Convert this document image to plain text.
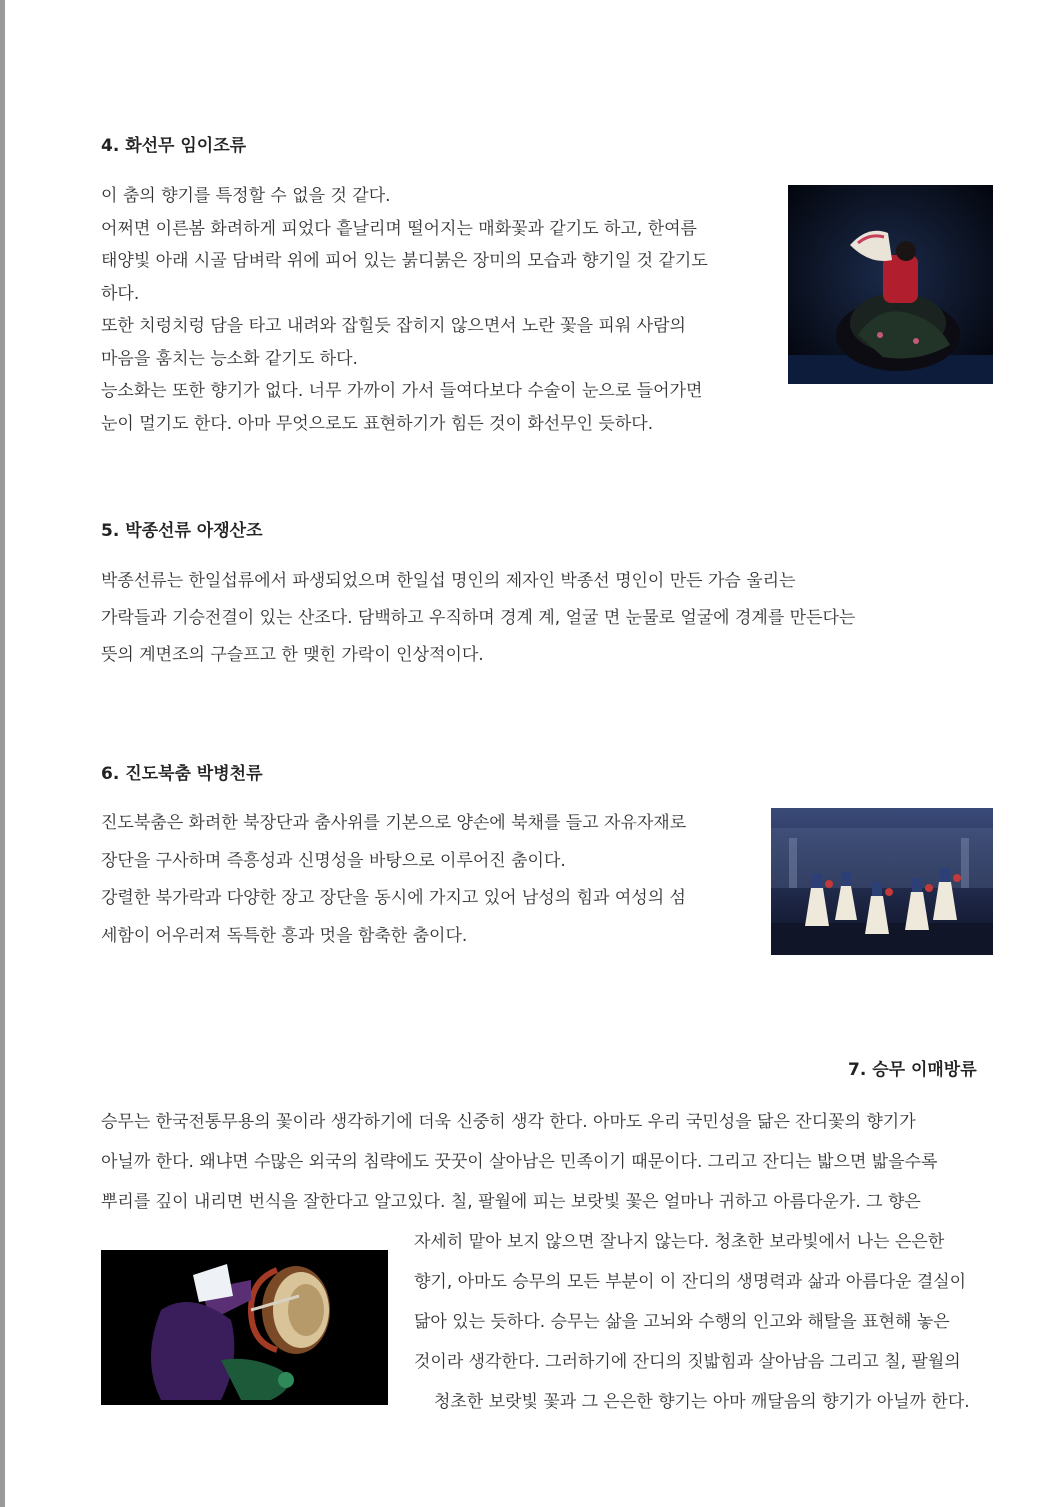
4. 화선무 임이조류
이 춤의 향기를 특정할 수 없을 것 같다.
어쩌면 이른봄 화려하게 피었다 흩날리며 떨어지는 매화꽃과 같기도 하고, 한여름
태양빛 아래 시골 담벼락 위에 피어 있는 붉디붉은 장미의 모습과 향기일 것 같기도
하다.
또한 치렁치렁 담을 타고 내려와 잡힐듯 잡히지 않으면서 노란 꽃을 피워 사람의
마음을 훔치는 능소화 같기도 하다.
능소화는 또한 향기가 없다. 너무 가까이 가서 들여다보다 수술이 눈으로 들어가면
눈이 멀기도 한다. 아마 무엇으로도 표현하기가 힘든 것이 화선무인 듯하다.
5. 박종선류 아쟁산조
박종선류는 한일섭류에서 파생되었으며 한일섭 명인의 제자인 박종선 명인이 만든 가슴 울리는
가락들과 기승전결이 있는 산조다. 담백하고 우직하며 경계 계, 얼굴 면 눈물로 얼굴에 경계를 만든다는
뜻의 계면조의 구슬프고 한 맺힌 가락이 인상적이다.
6. 진도북춤 박병천류
진도북춤은 화려한 북장단과 춤사위를 기본으로 양손에 북채를 들고 자유자재로
장단을 구사하며 즉흥성과 신명성을 바탕으로 이루어진 춤이다.
강렬한 북가락과 다양한 장고 장단을 동시에 가지고 있어 남성의 힘과 여성의 섬
세함이 어우러져 독특한 흥과 멋을 함축한 춤이다.
7. 승무 이매방류
승무는 한국전통무용의 꽃이라 생각하기에 더욱 신중히 생각 한다. 아마도 우리 국민성을 닮은 잔디꽃의 향기가
아닐까 한다. 왜냐면 수많은 외국의 침략에도 꿋꿋이 살아남은 민족이기 때문이다. 그리고 잔디는 밟으면 밟을수록
뿌리를 깊이 내리면 번식을 잘한다고 알고있다. 칠, 팔월에 피는 보랏빛 꽃은 얼마나 귀하고 아름다운가. 그 향은
자세히 맡아 보지 않으면 잘나지 않는다. 청초한 보라빛에서 나는 은은한
향기, 아마도 승무의 모든 부분이 이 잔디의 생명력과 삶과 아름다운 결실이
닮아 있는 듯하다. 승무는 삶을 고뇌와 수행의 인고와 해탈을 표현해 놓은
것이라 생각한다. 그러하기에 잔디의 짓밟힘과 살아남음 그리고 칠, 팔월의
청초한 보랏빛 꽃과 그 은은한 향기는 아마 깨달음의 향기가 아닐까 한다.
